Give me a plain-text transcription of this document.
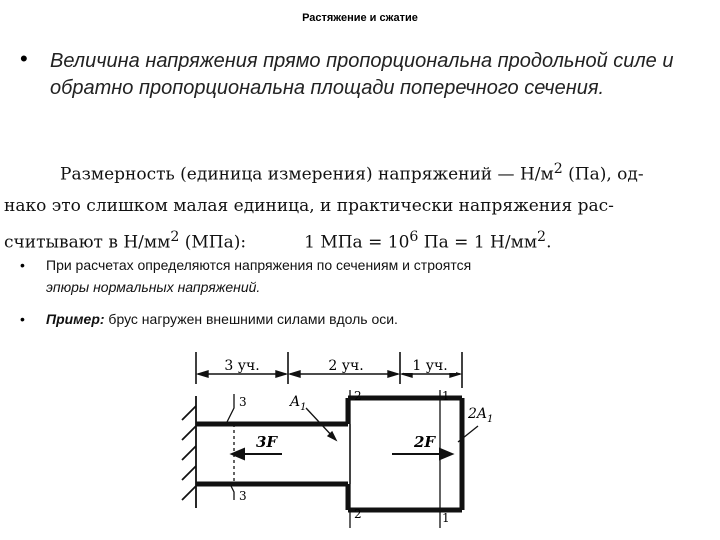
Растяжение и сжатие
• Величина напряжения прямо пропорциональна продольной силе и обратно пропорциональна площади поперечного сечения.
Размерность (единица измерения) напряжений — $Н/м^2$ (Па), од-
нако это слишком малая единица, и практически напряжения рас-
считывают в $Н/мм^2$ (МПа):	1 МПа = $10^6$ Па = 1 $Н/мм^2$.
• При расчетах определяются напряжения по сечениям и строятся
эпюры нормальных напряжений.
• Пример: брус нагружен внешними силами вдоль оси.
3 уч.	2 уч.	1 уч.
3
3
2
2
1
1
3F	2F
$A_1$	$2A_1$
